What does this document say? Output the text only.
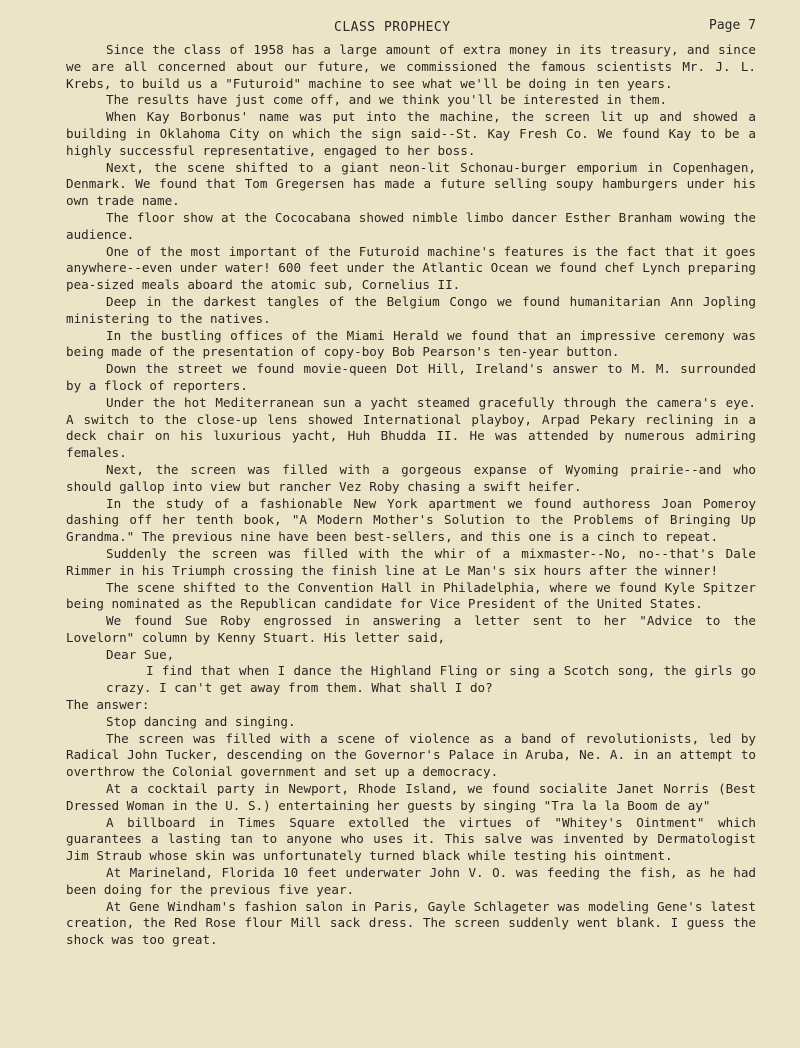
CLASS PROPHECY	Page 7

Since the class of 1958 has a large amount of extra money in its treasury, and since we are all concerned about our future, we commissioned the famous scientists Mr. J. L. Krebs, to build us a "Futuroid" machine to see what we'll be doing in ten years.

The results have just come off, and we think you'll be interested in them.

When Kay Borbonus' name was put into the machine, the screen lit up and showed a building in Oklahoma City on which the sign said--St. Kay Fresh Co. We found Kay to be a highly successful representative, engaged to her boss.

Next, the scene shifted to a giant neon-lit Schonau-burger emporium in Copenhagen, Denmark. We found that Tom Gregersen has made a future selling soupy hamburgers under his own trade name.

The floor show at the Cococabana showed nimble limbo dancer Esther Branham wowing the audience.

One of the most important of the Futuroid machine's features is the fact that it goes anywhere--even under water! 600 feet under the Atlantic Ocean we found chef Lynch preparing pea-sized meals aboard the atomic sub, Cornelius II.

Deep in the darkest tangles of the Belgium Congo we found humanitarian Ann Jopling ministering to the natives.

In the bustling offices of the Miami Herald we found that an impressive ceremony was being made of the presentation of copy-boy Bob Pearson's ten-year button.

Down the street we found movie-queen Dot Hill, Ireland's answer to M. M. surrounded by a flock of reporters.

Under the hot Mediterranean sun a yacht steamed gracefully through the camera's eye. A switch to the close-up lens showed International playboy, Arpad Pekary reclining in a deck chair on his luxurious yacht, Huh Bhudda II. He was attended by numerous admiring females.

Next, the screen was filled with a gorgeous expanse of Wyoming prairie--and who should gallop into view but rancher Vez Roby chasing a swift heifer.

In the study of a fashionable New York apartment we found authoress Joan Pomeroy dashing off her tenth book, "A Modern Mother's Solution to the Problems of Bringing Up Grandma." The previous nine have been best-sellers, and this one is a cinch to repeat.

Suddenly the screen was filled with the whir of a mixmaster--No, no--that's Dale Rimmer in his Triumph crossing the finish line at Le Man's six hours after the winner!

The scene shifted to the Convention Hall in Philadelphia, where we found Kyle Spitzer being nominated as the Republican candidate for Vice President of the United States.

We found Sue Roby engrossed in answering a letter sent to her "Advice to the Lovelorn" column by Kenny Stuart. His letter said,

Dear Sue,

I find that when I dance the Highland Fling or sing a Scotch song, the girls go crazy. I can't get away from them. What shall I do?

The answer:

Stop dancing and singing.

The screen was filled with a scene of violence as a band of revolutionists, led by Radical John Tucker, descending on the Governor's Palace in Aruba, Ne. A. in an attempt to overthrow the Colonial government and set up a democracy.

At a cocktail party in Newport, Rhode Island, we found socialite Janet Norris (Best Dressed Woman in the U. S.) entertaining her guests by singing "Tra la la Boom de ay"

A billboard in Times Square extolled the virtues of "Whitey's Ointment" which guarantees a lasting tan to anyone who uses it. This salve was invented by Dermatologist Jim Straub whose skin was unfortunately turned black while testing his ointment.

At Marineland, Florida 10 feet underwater John V. O. was feeding the fish, as he had been doing for the previous five year.

At Gene Windham's fashion salon in Paris, Gayle Schlageter was modeling Gene's latest creation, the Red Rose flour Mill sack dress. The screen suddenly went blank. I guess the shock was too great.
